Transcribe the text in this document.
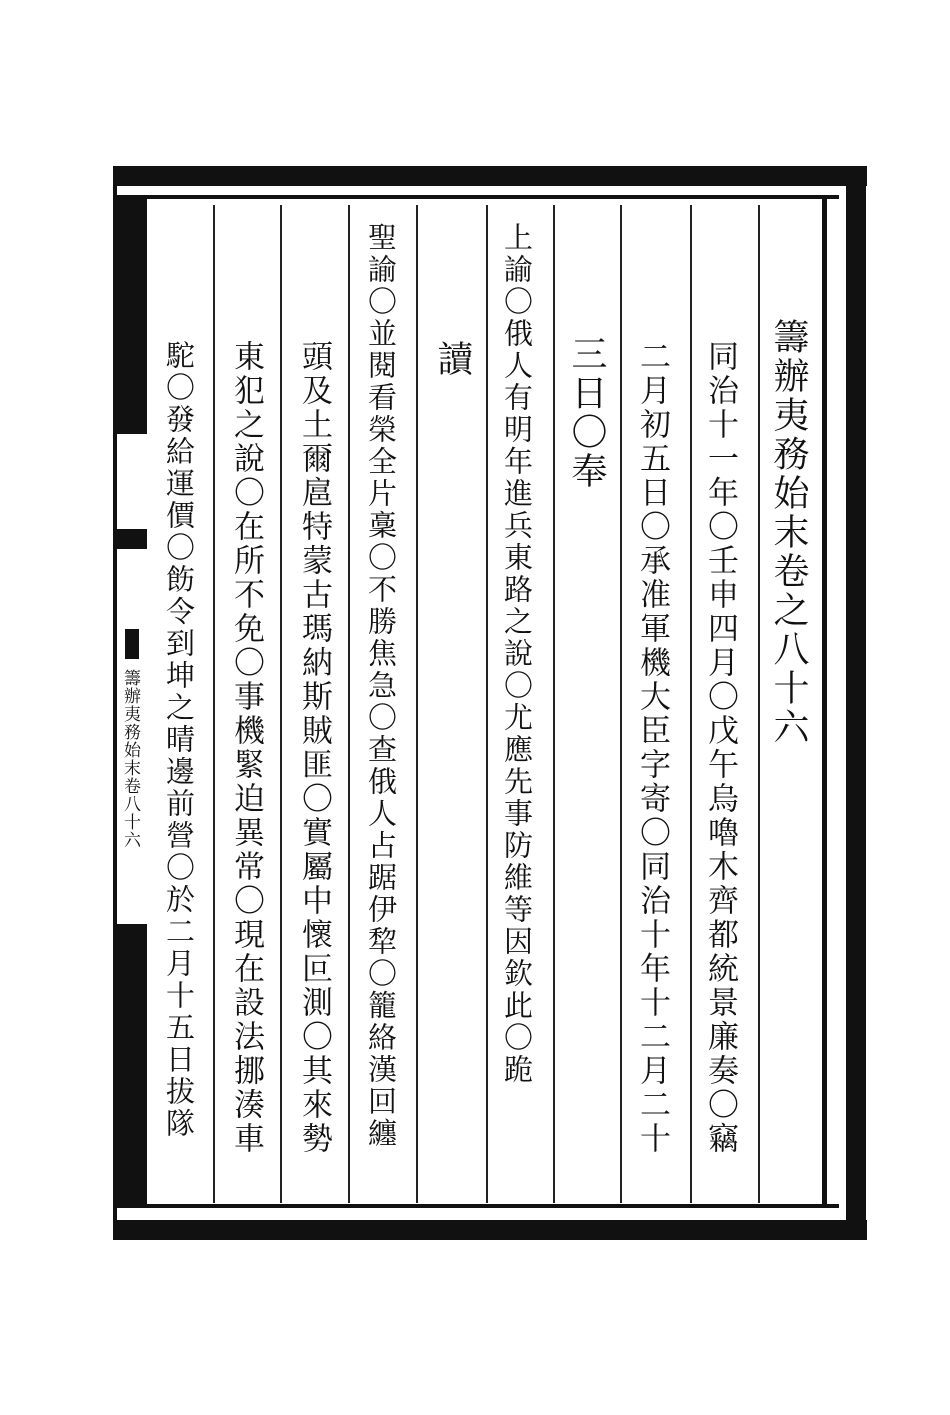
籌辦夷務始末卷八十六
籌辦夷務始末卷之八十六
同治十一年〇壬申四月〇戊午烏嚕木齊都統景廉奏〇竊
二月初五日〇承准軍機大臣字寄〇同治十年十二月二十
三日〇奉
上諭〇俄人有明年進兵東路之說〇尤應先事防維等因欽此〇跪
讀
聖諭〇並閱看榮全片稾〇不勝焦急〇查俄人占踞伊犂〇籠絡漢回纏
頭及土爾扈特蒙古瑪納斯賊匪〇實屬中懷叵測〇其來勢
東犯之說〇在所不免〇事機緊迫異常〇現在設法挪湊車
駝〇發給運價〇飭令到坤之晴邊前營〇於二月十五日拔隊
